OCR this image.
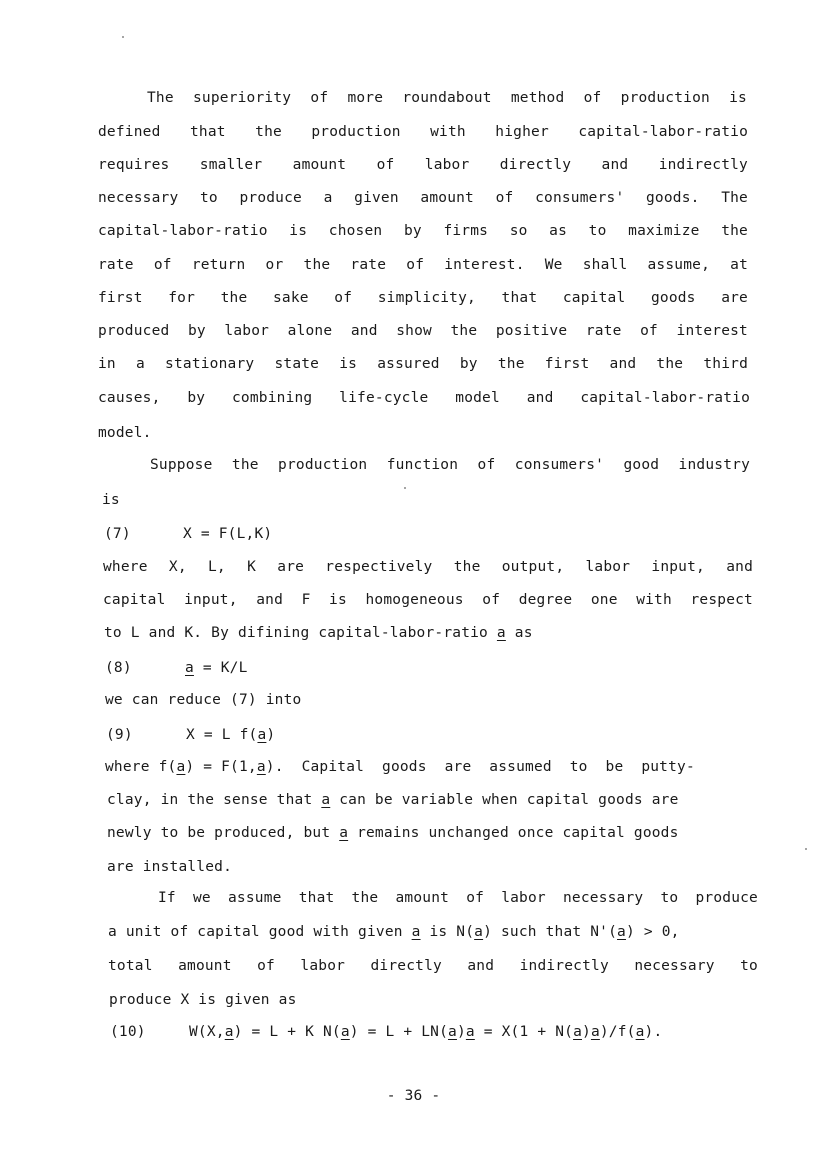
The superiority of more roundabout method of production is
defined that the production with higher capital-labor-ratio
requires smaller amount of labor directly and indirectly
necessary to produce a given amount of consumers' goods. The
capital-labor-ratio is chosen by firms so as to maximize the
rate of return or the rate of interest. We shall assume, at
first for the sake of simplicity, that capital goods are
produced by labor alone and show the positive rate of interest
in a stationary state is assured by the first and the third
causes, by combining life-cycle model and capital-labor-ratio
model.
Suppose the production function of consumers' good industry
is
(7)	X = F(L,K)
where X, L, K are respectively the output, labor input, and
capital input, and F is homogeneous of degree one with respect
to L and K. By difining capital-labor-ratio a as
(8)	a = K/L
we can reduce (7) into
(9)	X = L f(a)
where f(a) = F(1,a). Capital goods are assumed to be putty-
clay, in the sense that a can be variable when capital goods are
newly to be produced, but a remains unchanged once capital goods
are installed.
If we assume that the amount of labor necessary to produce
a unit of capital good with given a is N(a) such that N'(a) > 0,
total amount of labor directly and indirectly necessary to
produce X is given as
(10)	W(X,a) = L + K N(a) = L + LN(a)a = X(1 + N(a)a)/f(a).
- 36 -
